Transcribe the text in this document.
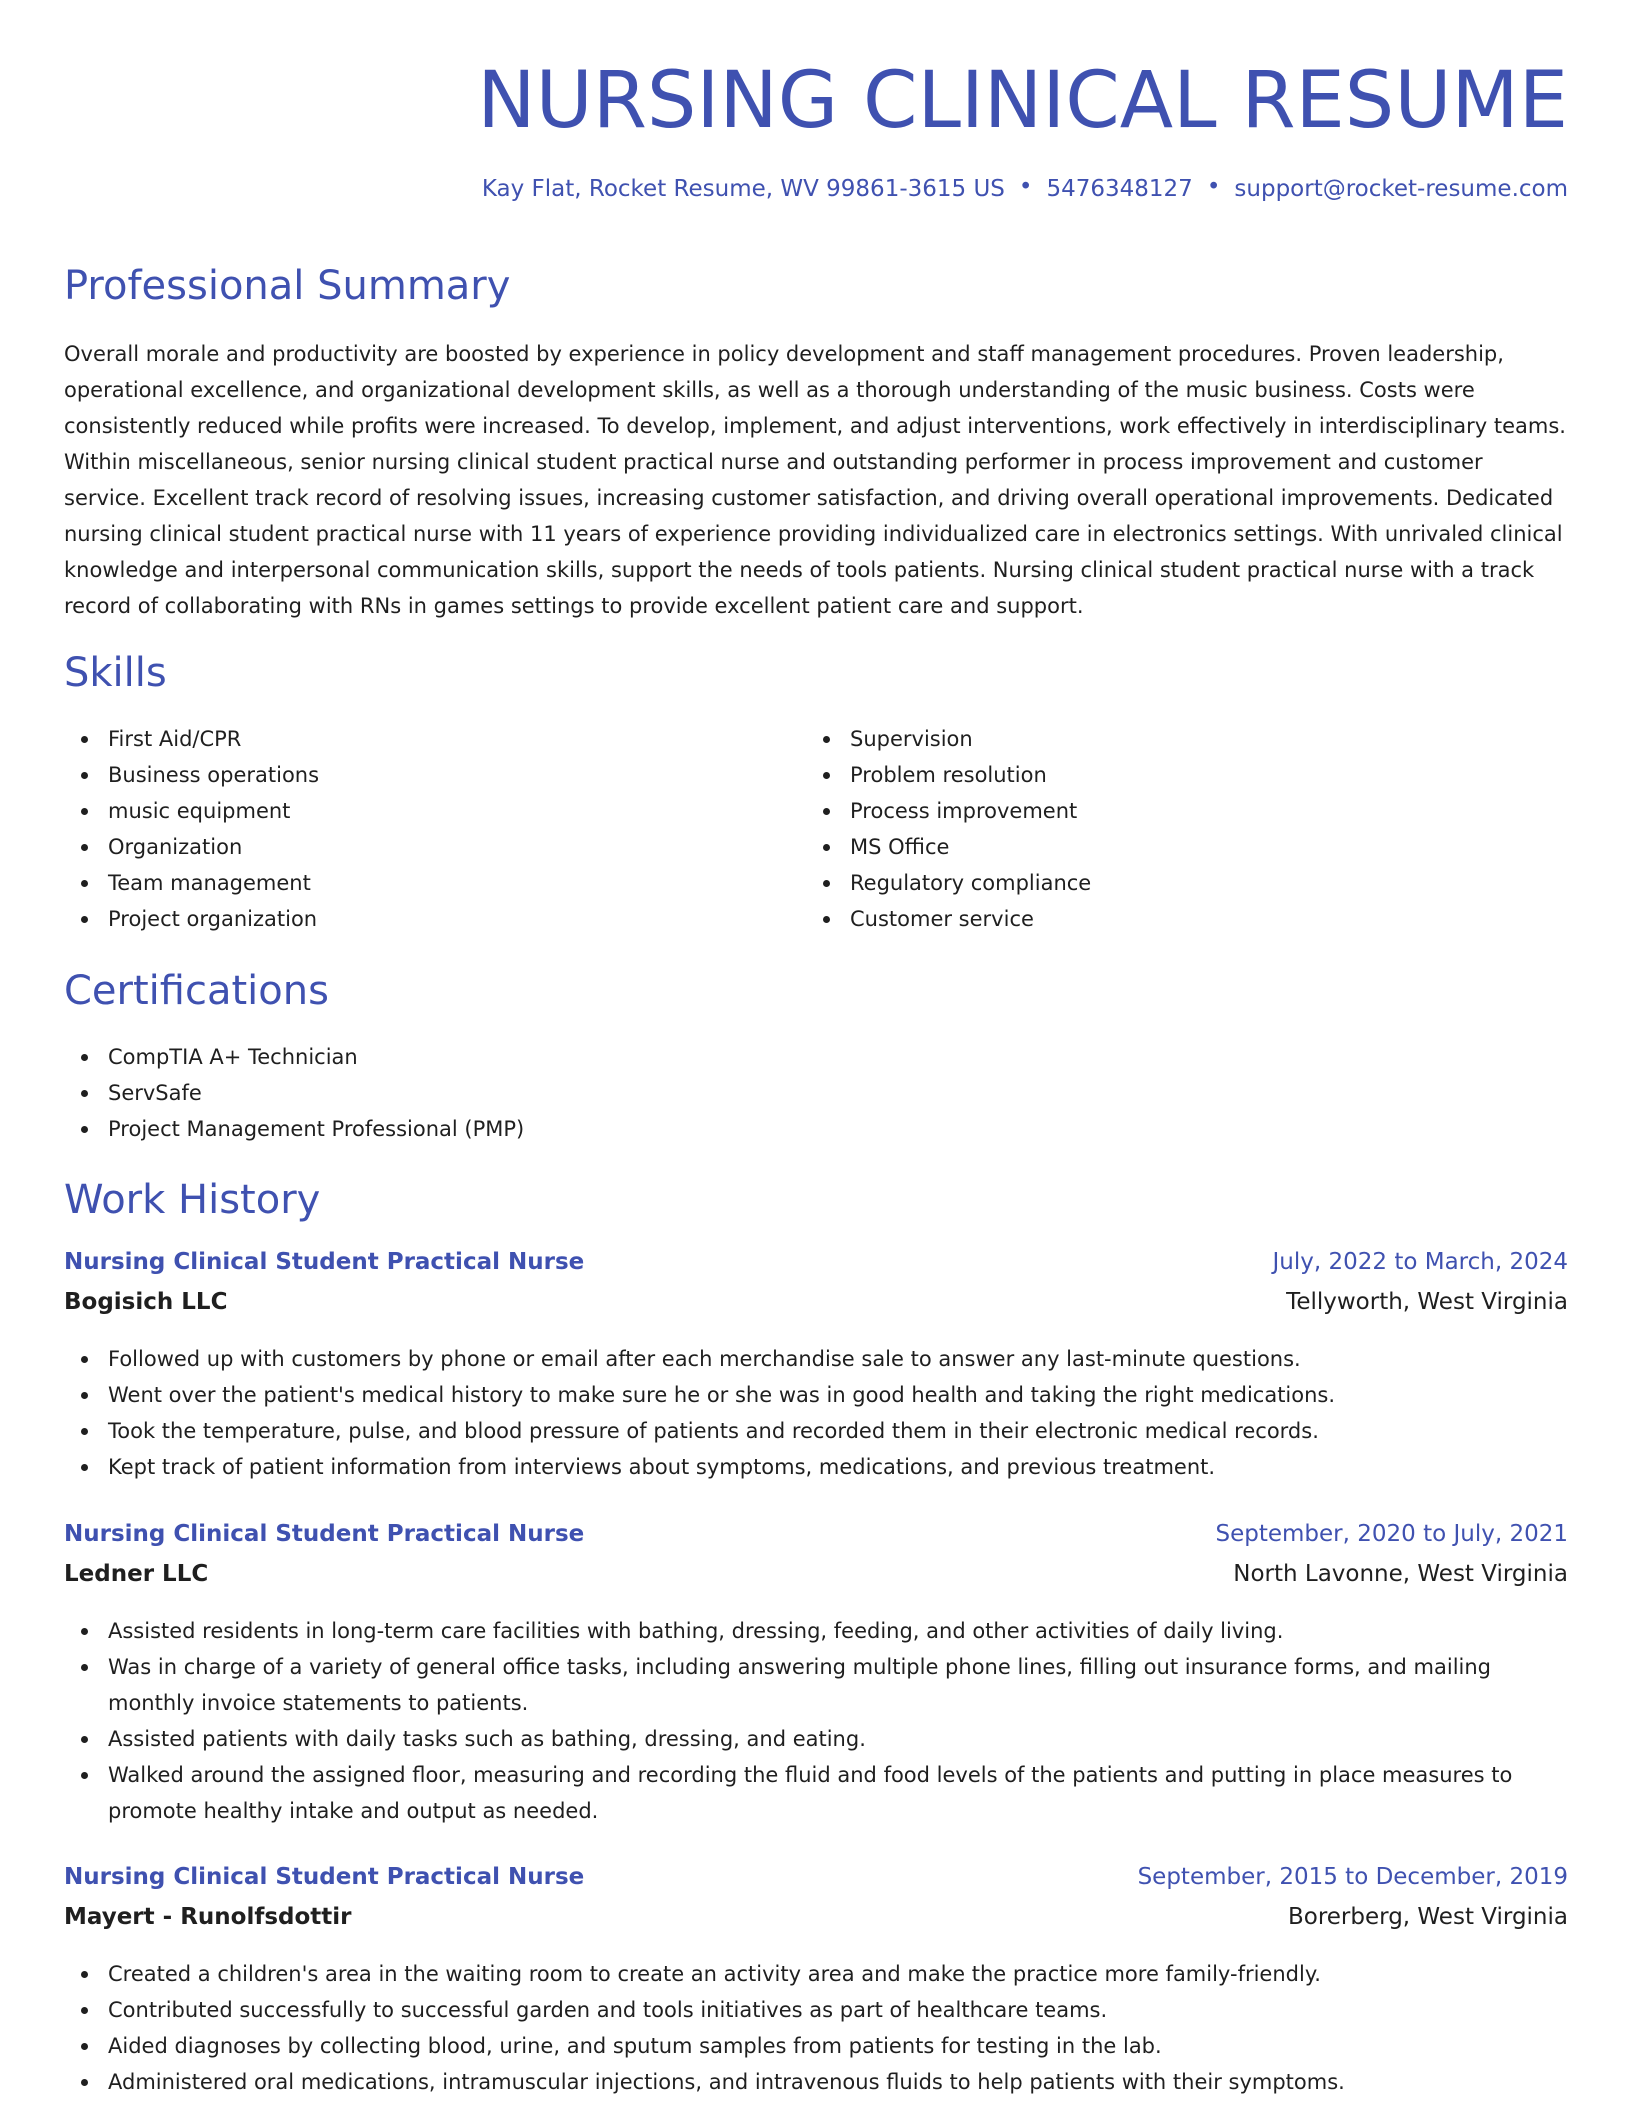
NURSING CLINICAL RESUME
Kay Flat, Rocket Resume, WV 99861-3615 US • 5476348127 • support@rocket-resume.com
Professional Summary

Overall morale and productivity are boosted by experience in policy development and staff management procedures. Proven leadership, operational excellence, and organizational development skills, as well as a thorough understanding of the music business. Costs were consistently reduced while profits were increased. To develop, implement, and adjust interventions, work effectively in interdisciplinary teams. Within miscellaneous, senior nursing clinical student practical nurse and outstanding performer in process improvement and customer service. Excellent track record of resolving issues, increasing customer satisfaction, and driving overall operational improvements. Dedicated nursing clinical student practical nurse with 11 years of experience providing individualized care in electronics settings. With unrivaled clinical knowledge and interpersonal communication skills, support the needs of tools patients. Nursing clinical student practical nurse with a track record of collaborating with RNs in games settings to provide excellent patient care and support.

Skills
First Aid/CPR
Business operations
music equipment
Organization
Team management
Project organization
Supervision
Problem resolution
Process improvement
MS Office
Regulatory compliance
Customer service
Certifications
CompTIA A+ Technician
ServSafe
Project Management Professional (PMP)
Work History
Nursing Clinical Student Practical Nurse	July, 2022 to March, 2024
Bogisich LLC	Tellyworth, West Virginia
Followed up with customers by phone or email after each merchandise sale to answer any last-minute questions.
Went over the patient's medical history to make sure he or she was in good health and taking the right medications.
Took the temperature, pulse, and blood pressure of patients and recorded them in their electronic medical records.
Kept track of patient information from interviews about symptoms, medications, and previous treatment.
Nursing Clinical Student Practical Nurse	September, 2020 to July, 2021
Ledner LLC	North Lavonne, West Virginia
Assisted residents in long-term care facilities with bathing, dressing, feeding, and other activities of daily living.
Was in charge of a variety of general office tasks, including answering multiple phone lines, filling out insurance forms, and mailing monthly invoice statements to patients.
Assisted patients with daily tasks such as bathing, dressing, and eating.
Walked around the assigned floor, measuring and recording the fluid and food levels of the patients and putting in place measures to promote healthy intake and output as needed.
Nursing Clinical Student Practical Nurse	September, 2015 to December, 2019
Mayert - Runolfsdottir	Borerberg, West Virginia
Created a children's area in the waiting room to create an activity area and make the practice more family-friendly.
Contributed successfully to successful garden and tools initiatives as part of healthcare teams.
Aided diagnoses by collecting blood, urine, and sputum samples from patients for testing in the lab.
Administered oral medications, intramuscular injections, and intravenous fluids to help patients with their symptoms.
